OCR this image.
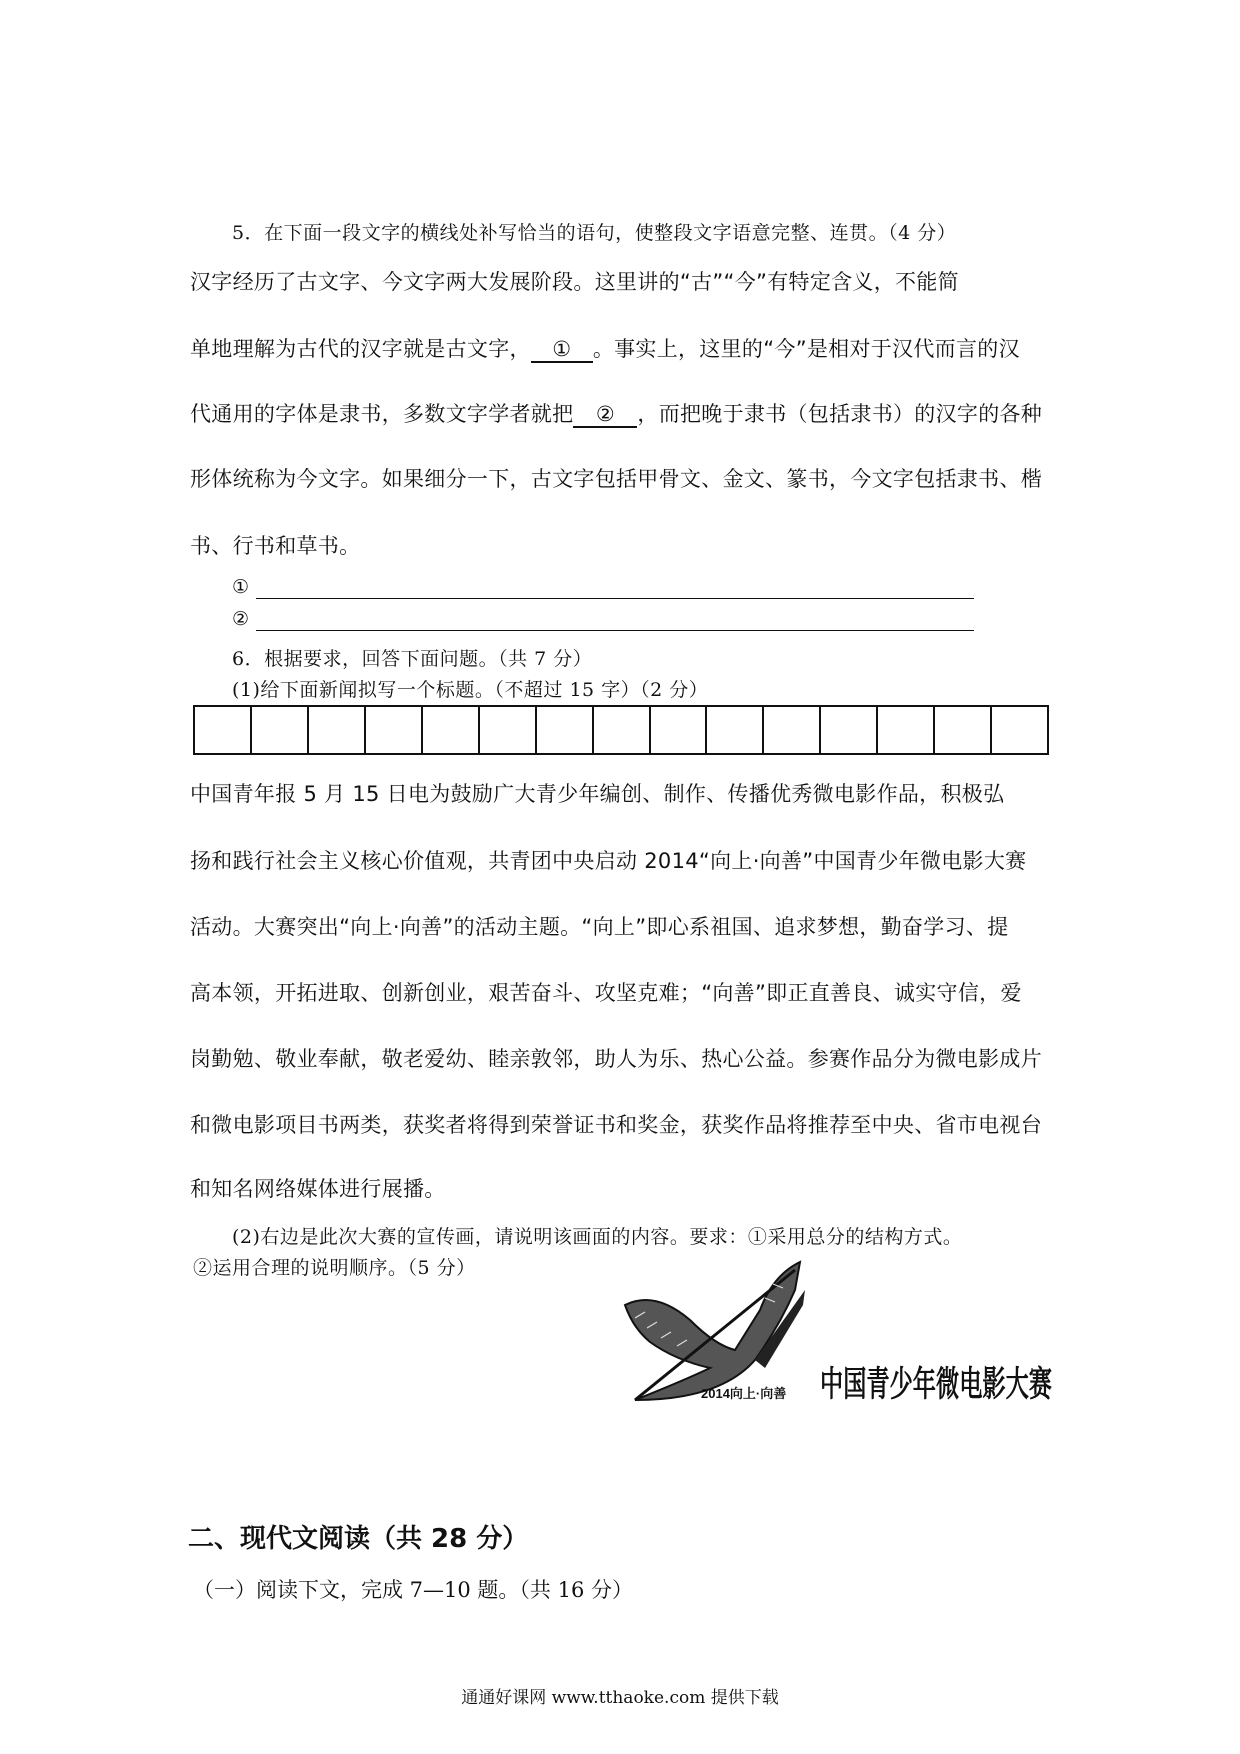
5．在下面一段文字的横线处补写恰当的语句，使整段文字语意完整、连贯。（4 分）
汉字经历了古文字、今文字两大发展阶段。这里讲的“古”“今”有特定含义，不能简
单地理解为古代的汉字就是古文字， ① 。事实上，这里的“今”是相对于汉代而言的汉
代通用的字体是隶书，多数文字学者就把 ② ，而把晚于隶书（包括隶书）的汉字的各种
形体统称为今文字。如果细分一下，古文字包括甲骨文、金文、篆书，今文字包括隶书、楷
书、行书和草书。
①
②
6．根据要求，回答下面问题。（共 7 分）
(1)给下面新闻拟写一个标题。（不超过 15 字）（2 分）
中国青年报 5 月 15 日电为鼓励广大青少年编创、制作、传播优秀微电影作品，积极弘
扬和践行社会主义核心价值观，共青团中央启动 2014“向上·向善”中国青少年微电影大赛
活动。大赛突出“向上·向善”的活动主题。“向上”即心系祖国、追求梦想，勤奋学习、提
高本领，开拓进取、创新创业，艰苦奋斗、攻坚克难；“向善”即正直善良、诚实守信，爱
岗勤勉、敬业奉献，敬老爱幼、睦亲敦邻，助人为乐、热心公益。参赛作品分为微电影成片
和微电影项目书两类，获奖者将得到荣誉证书和奖金，获奖作品将推荐至中央、省市电视台
和知名网络媒体进行展播。
(2)右边是此次大赛的宣传画，请说明该画面的内容。要求：①采用总分的结构方式。
②运用合理的说明顺序。（5 分）
2014向上·向善 中国青少年微电影大赛
二、现代文阅读（共 28 分）
（一）阅读下文，完成 7—10 题。（共 16 分）
通通好课网 www.tthaoke.com 提供下载
